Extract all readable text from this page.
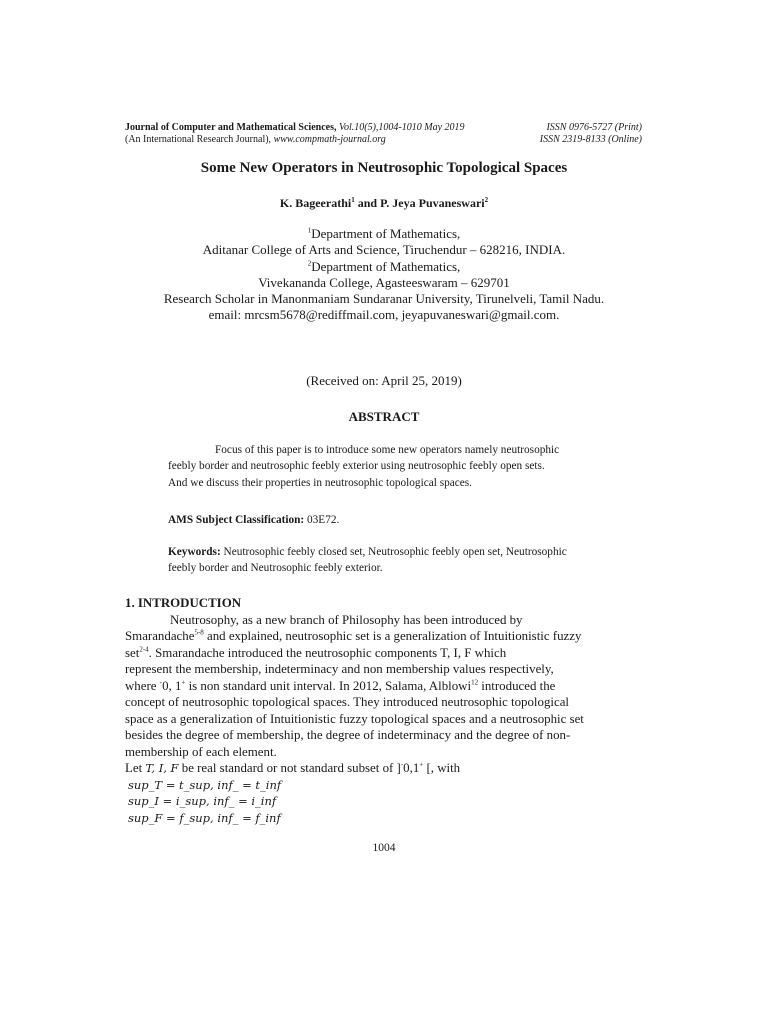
Journal of Computer and Mathematical Sciences, Vol.10(5),1004-1010 May 2019
(An International Research Journal), www.compmath-journal.org
ISSN 0976-5727 (Print)
ISSN 2319-8133 (Online)
Some New Operators in Neutrosophic Topological Spaces
K. Bageerathi$^1$ and P. Jeya Puvaneswari$^2$
$^1$Department of Mathematics,
Aditanar College of Arts and Science, Tiruchendur – 628216, INDIA.
$^2$Department of Mathematics,
Vivekananda College, Agasteeswaram – 629701
Research Scholar in Manonmaniam Sundaranar University, Tirunelveli, Tamil Nadu.
email: mrcsm5678@rediffmail.com, jeyapuvaneswari@gmail.com.
(Received on: April 25, 2019)
ABSTRACT
Focus of this paper is to introduce some new operators namely neutrosophic
feebly border and neutrosophic feebly exterior using neutrosophic feebly open sets.
And we discuss their properties in neutrosophic topological spaces.
AMS Subject Classification: 03E72.
Keywords: Neutrosophic feebly closed set, Neutrosophic feebly open set, Neutrosophic
feebly border and Neutrosophic feebly exterior.
1. INTRODUCTION
Neutrosophy, as a new branch of Philosophy has been introduced by
Smarandache$^{5-8}$ and explained, neutrosophic set is a generalization of Intuitionistic fuzzy
set$^{2-4}$. Smarandache introduced the neutrosophic components T, I, F which
represent the membership, indeterminacy and non membership values respectively,
where -0, 1+ is non standard unit interval. In 2012, Salama, Alblowi$^{12}$ introduced the
concept of neutrosophic topological spaces. They introduced neutrosophic topological
space as a generalization of Intuitionistic fuzzy topological spaces and a neutrosophic set
besides the degree of membership, the degree of indeterminacy and the degree of non-
membership of each element.
Let T, I, F be real standard or not standard subset of ]-0,1+ [, with
sup_T = t_sup, inf_ = t_inf
sup_I = i_sup, inf_ = i_inf
sup_F = f_sup, inf_ = f_inf
1004
